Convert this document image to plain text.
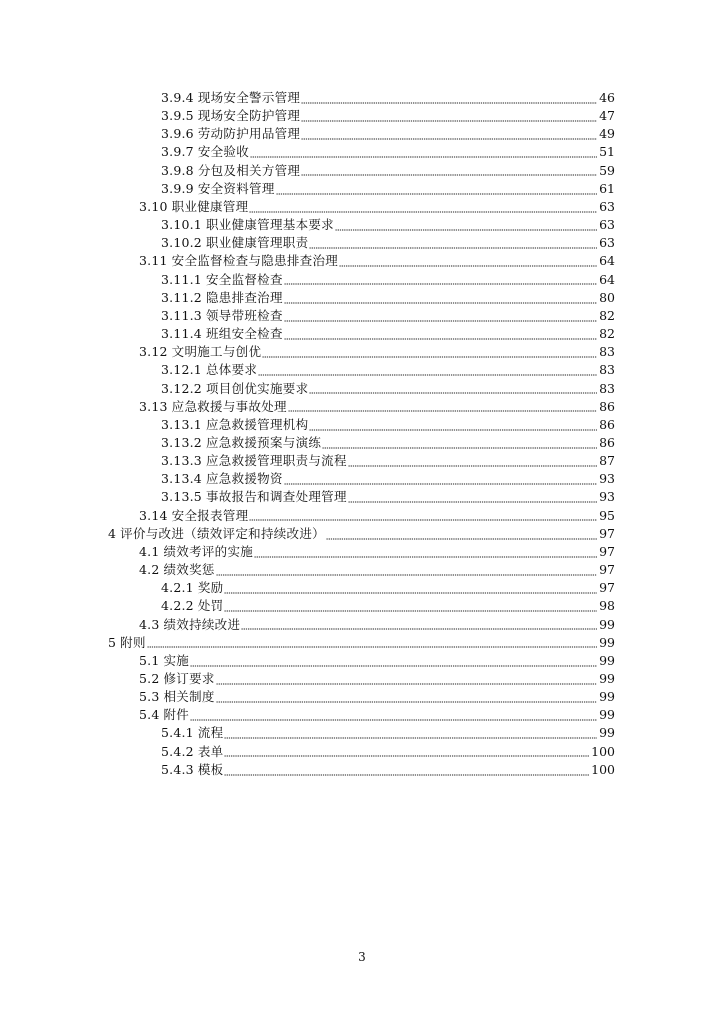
3.9.4 现场安全警示管理	46
3.9.5 现场安全防护管理	47
3.9.6 劳动防护用品管理	49
3.9.7 安全验收	51
3.9.8 分包及相关方管理	59
3.9.9 安全资料管理	61
3.10 职业健康管理	63
3.10.1 职业健康管理基本要求	63
3.10.2 职业健康管理职责	63
3.11 安全监督检查与隐患排查治理	64
3.11.1 安全监督检查	64
3.11.2 隐患排查治理	80
3.11.3 领导带班检查	82
3.11.4 班组安全检查	82
3.12 文明施工与创优	83
3.12.1 总体要求	83
3.12.2 项目创优实施要求	83
3.13 应急救援与事故处理	86
3.13.1 应急救援管理机构	86
3.13.2 应急救援预案与演练	86
3.13.3 应急救援管理职责与流程	87
3.13.4 应急救援物资	93
3.13.5 事故报告和调查处理管理	93
3.14 安全报表管理	95
4 评价与改进（绩效评定和持续改进）	97
4.1 绩效考评的实施	97
4.2 绩效奖惩	97
4.2.1 奖励	97
4.2.2 处罚	98
4.3 绩效持续改进	99
5 附则	99
5.1 实施	99
5.2 修订要求	99
5.3 相关制度	99
5.4 附件	99
5.4.1 流程	99
5.4.2 表单	100
5.4.3 模板	100
3
